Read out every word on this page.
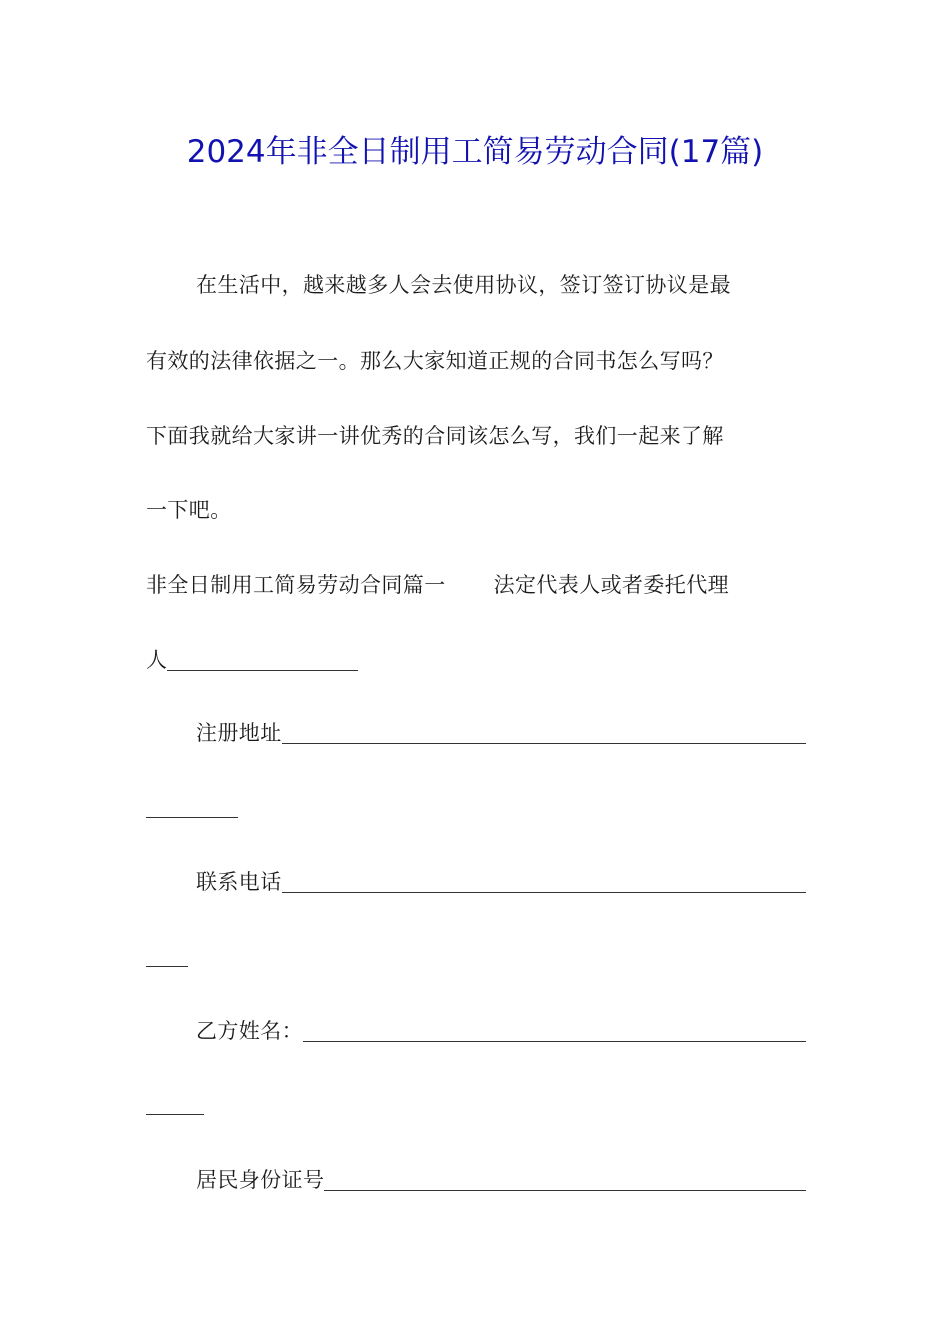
2024年非全日制用工简易劳动合同(17篇)
在生活中，越来越多人会去使用协议，签订签订协议是最
有效的法律依据之一。那么大家知道正规的合同书怎么写吗？
下面我就给大家讲一讲优秀的合同该怎么写，我们一起来了解
一下吧。
非全日制用工简易劳动合同篇一 法定代表人或者委托代理
人
注册地址
联系电话
乙方姓名：
居民身份证号
